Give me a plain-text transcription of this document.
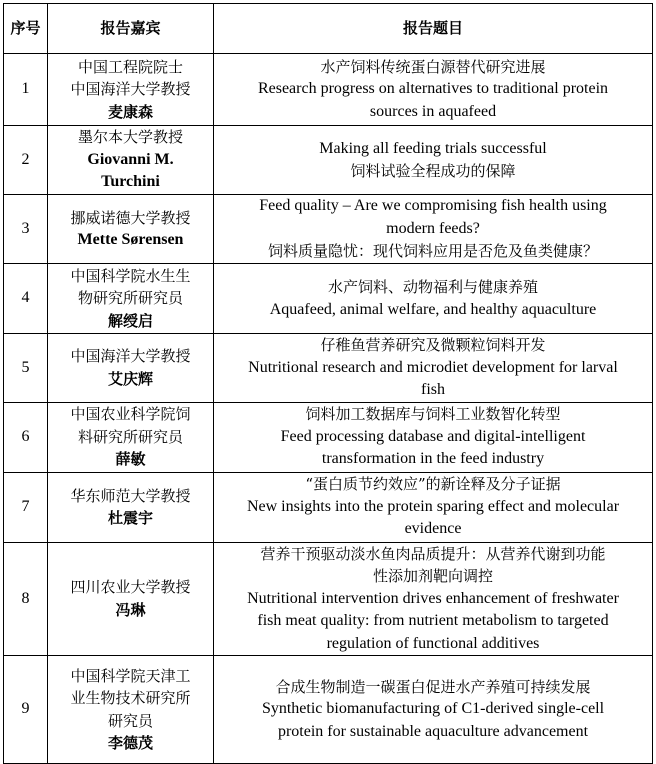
序号	报告嘉宾	报告题目
1	中国工程院院士
中国海洋大学教授
麦康森	水产饲料传统蛋白源替代研究进展
Research progress on alternatives to traditional protein
sources in aquafeed

2	墨尔本大学教授
Giovanni M.
Turchini	Making all feeding trials successful
饲料试验全程成功的保障

3	挪威诺德大学教授
Mette Sørensen	Feed quality – Are we compromising fish health using
modern feeds?
饲料质量隐忧：现代饲料应用是否危及鱼类健康？

4	中国科学院水生生
物研究所研究员
解绶启	水产饲料、动物福利与健康养殖
Aquafeed, animal welfare, and healthy aquaculture

5	中国海洋大学教授
艾庆辉	仔稚鱼营养研究及微颗粒饲料开发
Nutritional research and microdiet development for larval
fish

6	中国农业科学院饲
料研究所研究员
薛敏	饲料加工数据库与饲料工业数智化转型
Feed processing database and digital-intelligent
transformation in the feed industry

7	华东师范大学教授
杜震宇	“蛋白质节约效应”的新诠释及分子证据
New insights into the protein sparing effect and molecular
evidence

8	四川农业大学教授
冯琳	营养干预驱动淡水鱼肉品质提升：从营养代谢到功能
性添加剂靶向调控
Nutritional intervention drives enhancement of freshwater
fish meat quality: from nutrient metabolism to targeted
regulation of functional additives

9	中国科学院天津工
业生物技术研究所
研究员
李德茂	合成生物制造一碳蛋白促进水产养殖可持续发展
Synthetic biomanufacturing of C1-derived single-cell
protein for sustainable aquaculture advancement
